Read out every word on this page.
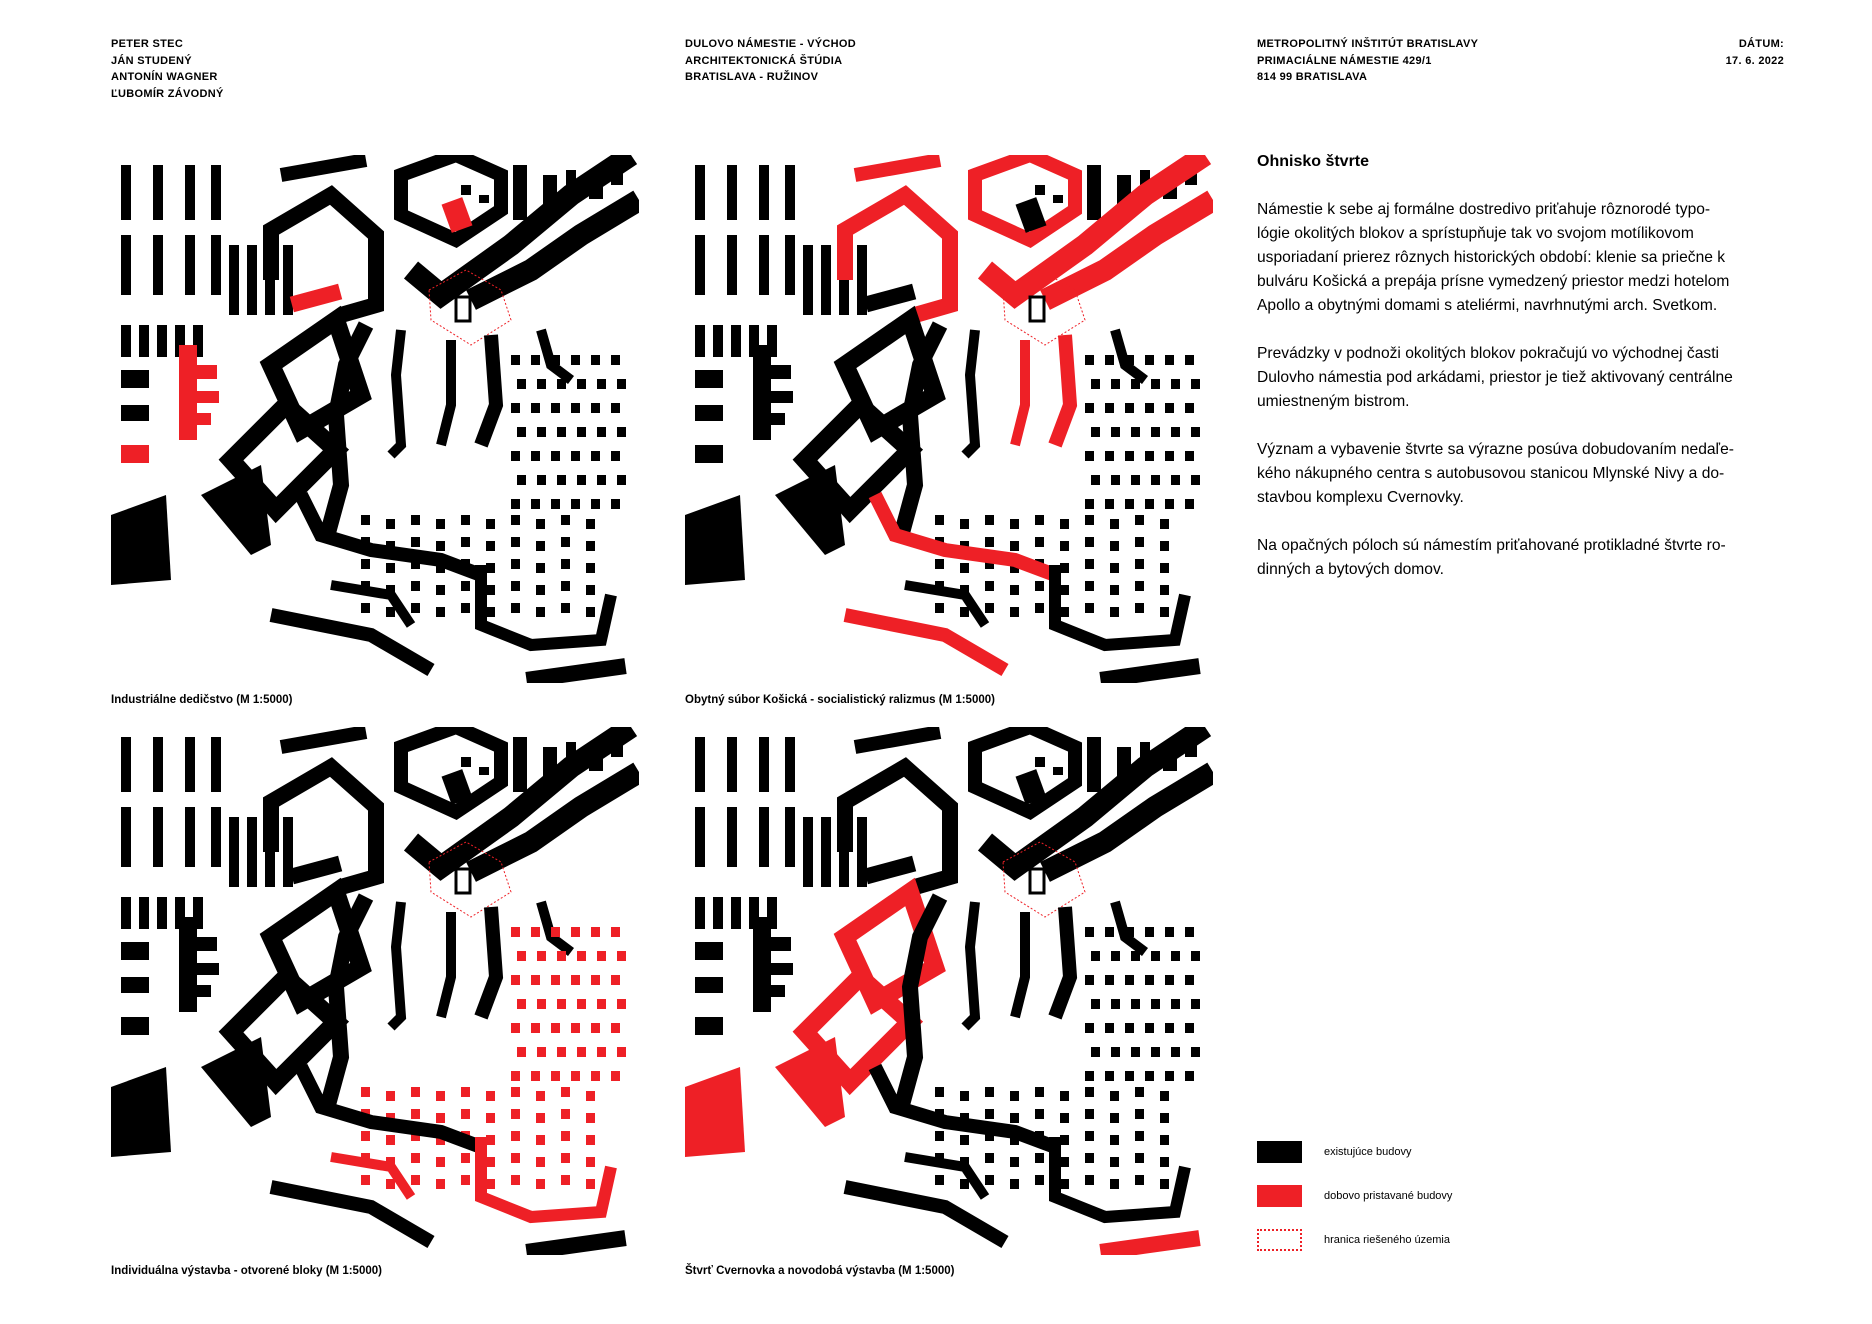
PETER STEC
JÁN STUDENÝ
ANTONÍN WAGNER
ĽUBOMÍR ZÁVODNÝ
DULOVO NÁMESTIE - VÝCHOD
ARCHITEKTONICKÁ ŠTÚDIA
BRATISLAVA - RUŽINOV
METROPOLITNÝ INŠTITÚT BRATISLAVY
PRIMACIÁLNE NÁMESTIE 429/1
814 99 BRATISLAVA
DÁTUM:
17. 6. 2022
Industriálne dedičstvo (M 1:5000)	Obytný súbor Košická - socialistický ralizmus (M 1:5000)
Individuálna výstavba - otvorené bloky (M 1:5000)	Štvrť Cvernovka a novodobá výstavba (M 1:5000)
Ohnisko štvrte

Námestie k sebe aj formálne dostredivo priťahuje rôznorodé typo-
lógie okolitých blokov a sprístupňuje tak vo svojom motílikovom
usporiadaní prierez rôznych historických období: klenie sa priečne k
bulváru Košická a prepája prísne vymedzený priestor medzi hotelom
Apollo a obytnými domami s ateliérmi, navrhnutými arch. Svetkom.

Prevádzky v podnoži okolitých blokov pokračujú vo východnej časti
Dulovho námestia pod arkádami, priestor je tiež aktivovaný centrálne
umiestneným bistrom.

Význam a vybavenie štvrte sa výrazne posúva dobudovaním nedaľe-
kého nákupného centra s autobusovou stanicou Mlynské Nivy a do-
stavbou komplexu Cvernovky.

Na opačných póloch sú námestím priťahované protikladné štvrte ro-
dinných a bytových domov.

existujúce budovy
dobovo pristavané budovy
hranica riešeného územia
